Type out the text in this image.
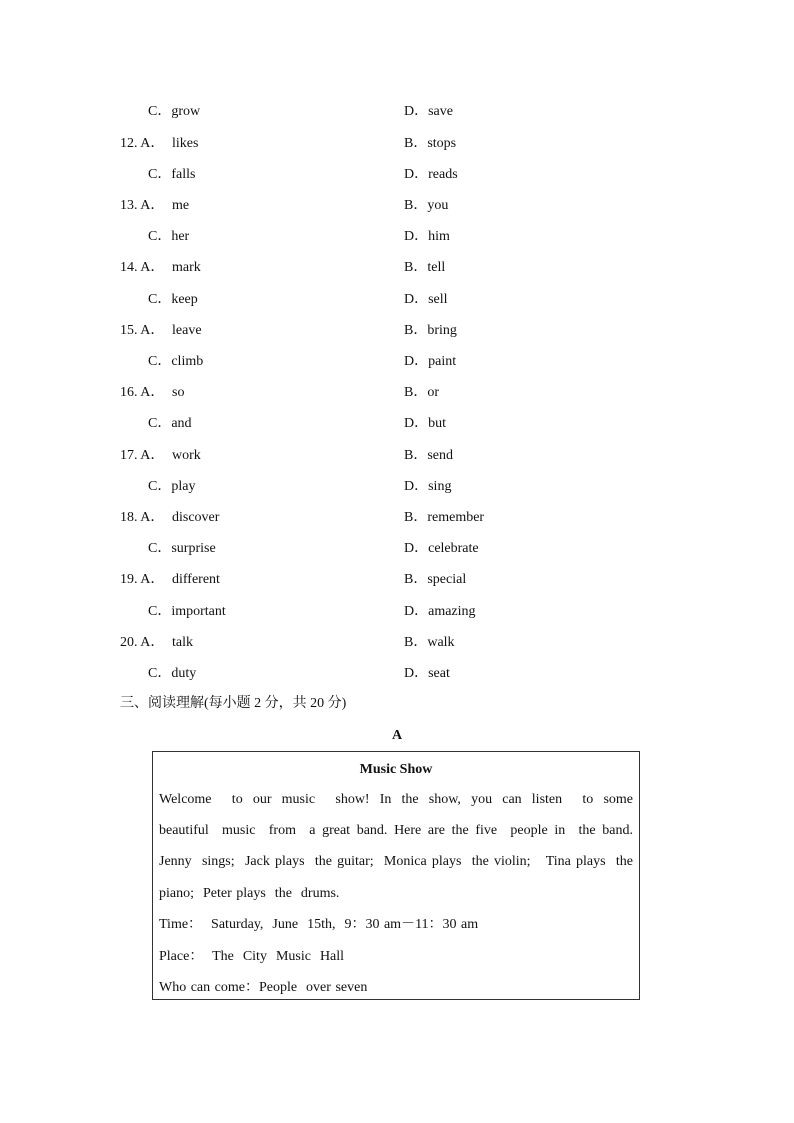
C．grow	D．save
12. A． likes	B．stops
C．falls	D．reads
13. A． me	B．you
C．her	D．him
14. A． mark	B．tell
C．keep	D．sell
15. A． leave	B．bring
C．climb	D．paint
16. A． so	B．or
C．and	D．but
17. A． work	B．send
C．play	D．sing
18. A． discover	B．remember
C．surprise	D．celebrate
19. A． different	B．special
C．important	D．amazing
20. A． talk	B．walk
C．duty	D．seat
三、阅读理解(每小题 2 分，共 20 分)
A
Music Show
Welcome  to our music  show! In the show, you can listen  to some
beautiful  music  from  a great band. Here are the five  people in  the band.
Jenny  sings;  Jack plays  the guitar;  Monica plays  the violin;   Tina plays  the
piano;  Peter plays  the  drums.
Time：  Saturday,  June  15th,  9：30 am－11：30 am
Place：  The  City  Music  Hall
Who can come：People  over seven
